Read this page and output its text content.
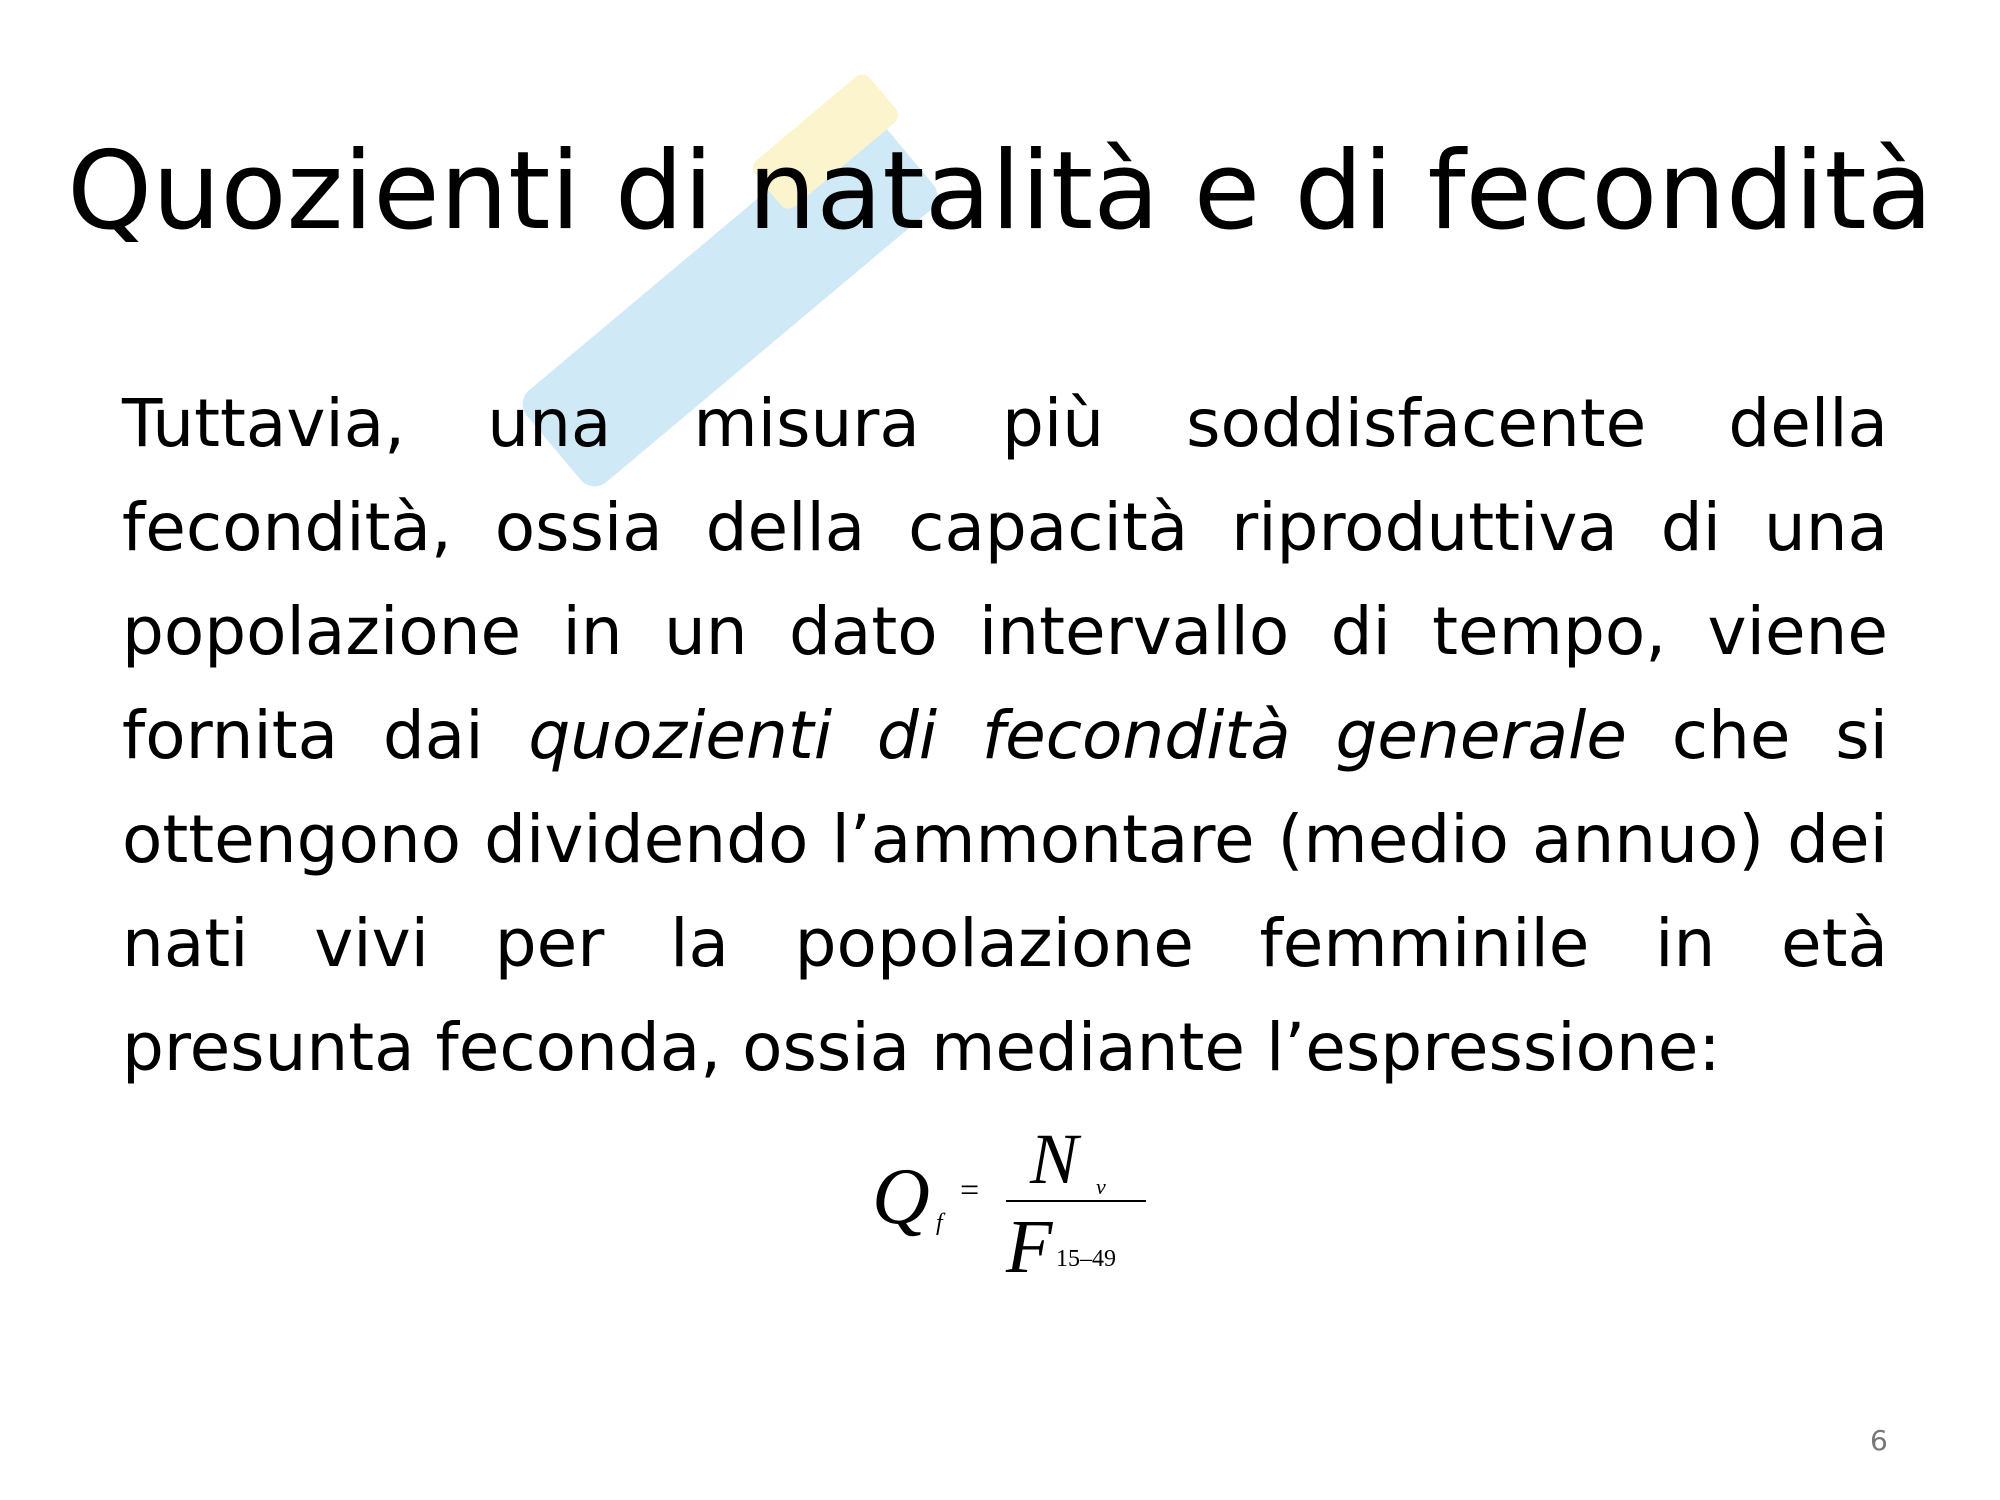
Quozienti di natalità e di fecondità
Tuttavia, una misura più soddisfacente della fecondità, ossia della capacità riproduttiva di una popolazione in un dato intervallo di tempo, viene fornita dai quozienti di fecondità generale che si ottengono dividendo l’ammontare (medio annuo) dei nati vivi per la popolazione femminile in età presunta feconda, ossia mediante l’espressione:
Q f
= N v
F 15–49
6
